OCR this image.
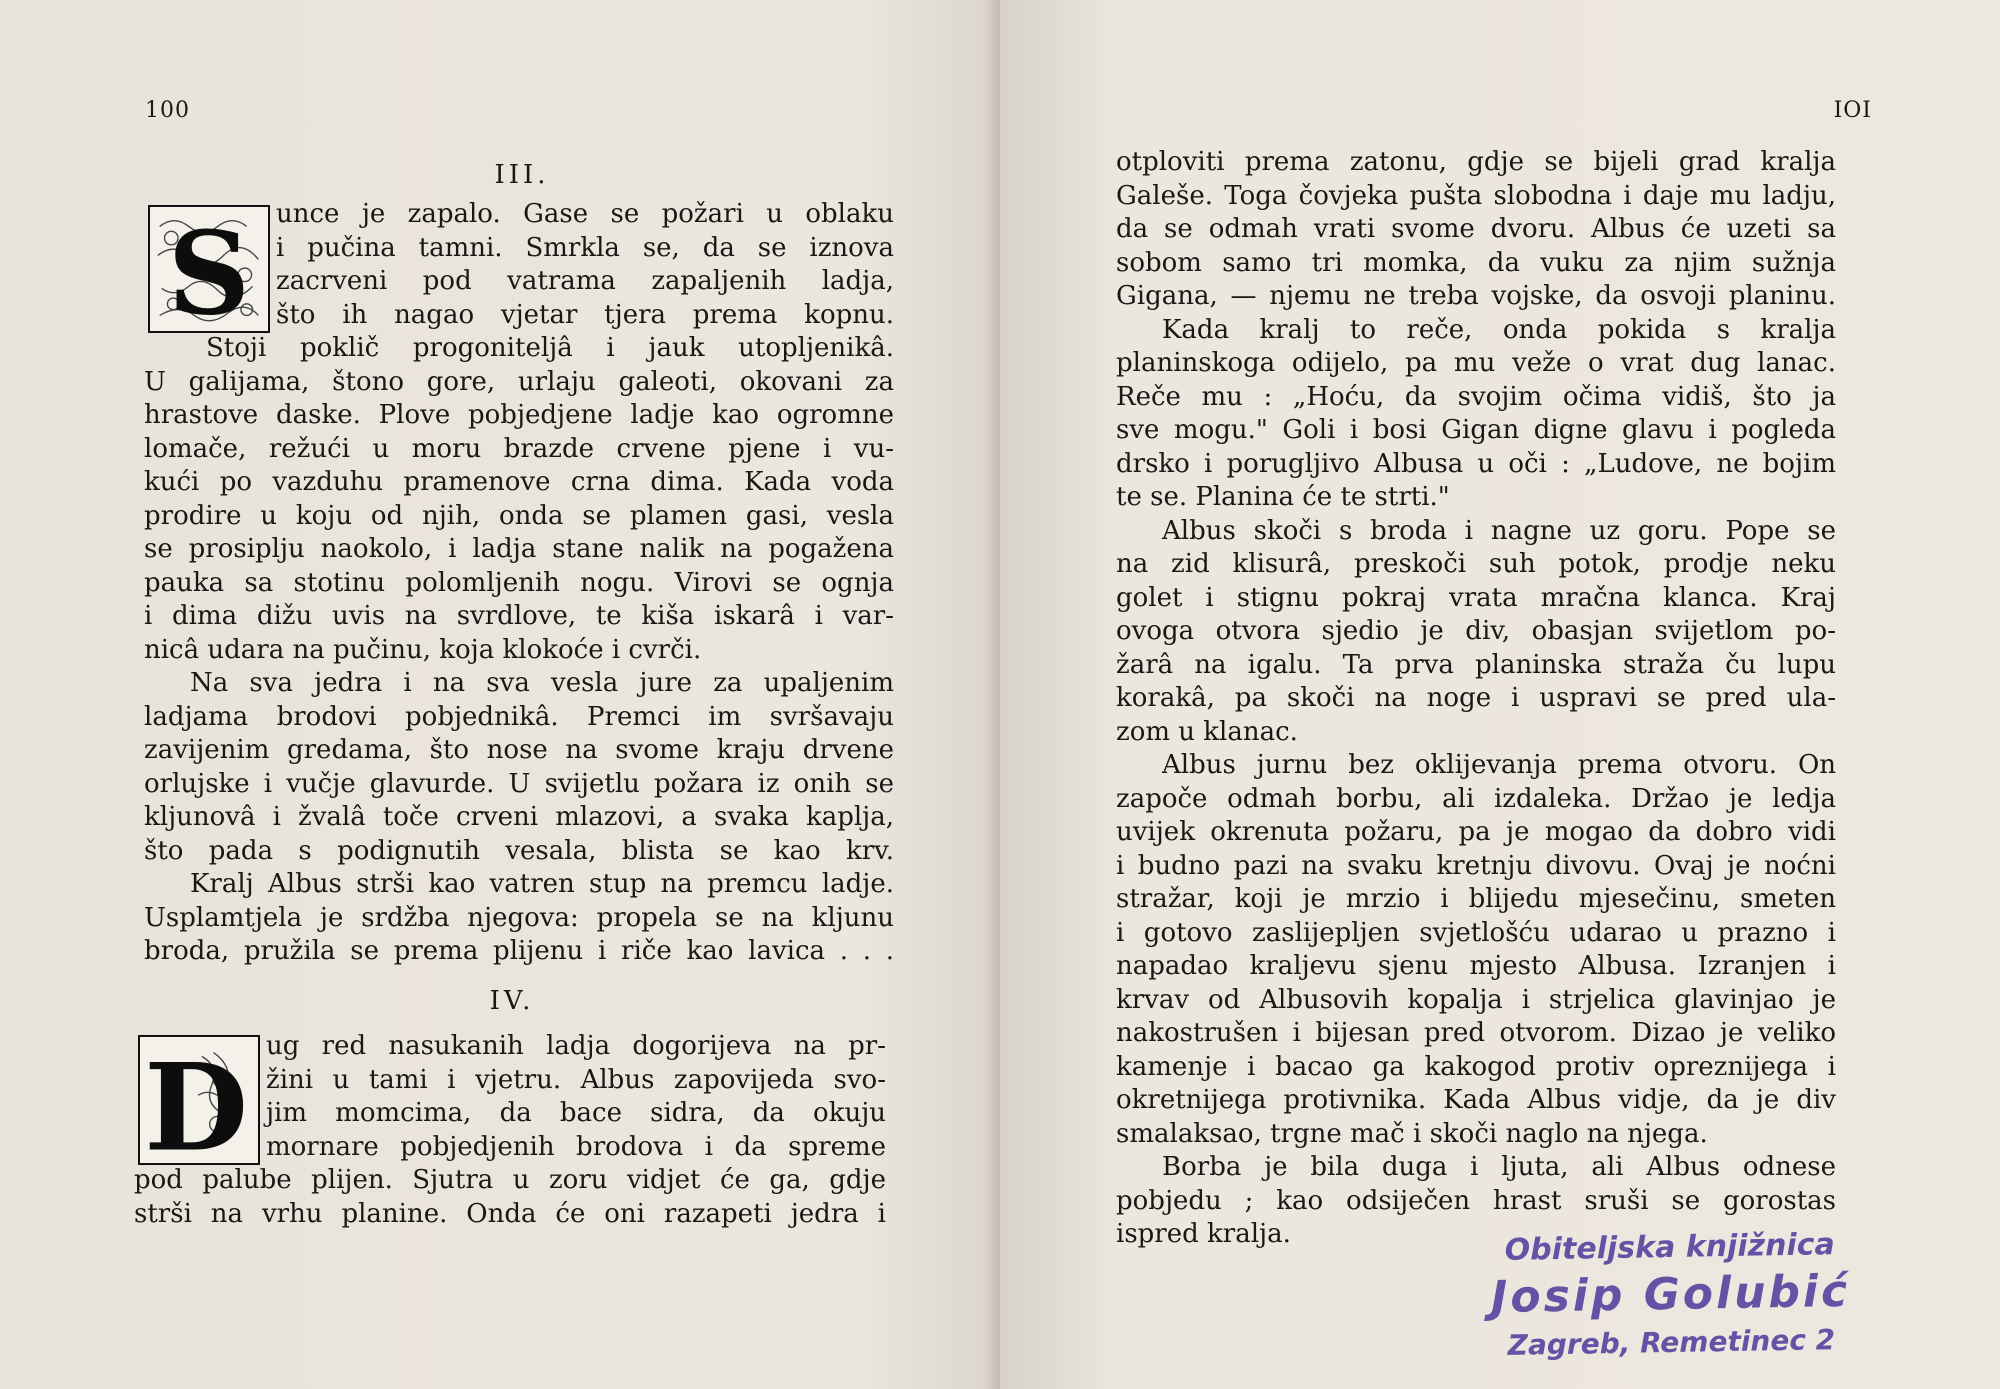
100
III.
S unce je zapalo. Gase se požari u oblaku
i pučina tamni. Smrkla se, da se iznova
zacrveni pod vatrama zapaljenih ladja,
što ih nagao vjetar tjera prema kopnu.
Stoji poklič progoniteljâ i jauk utopljenikâ.
U galijama, štono gore, urlaju galeoti, okovani za
hrastove daske. Plove pobjedjene ladje kao ogromne
lomače, režući u moru brazde crvene pjene i vu-
kući po vazduhu pramenove crna dima. Kada voda
prodire u koju od njih, onda se plamen gasi, vesla
se prosiplju naokolo, i ladja stane nalik na pogažena
pauka sa stotinu polomljenih nogu. Virovi se ognja
i dima dižu uvis na svrdlove, te kiša iskarâ i var-
nicâ udara na pučinu, koja klokoće i cvrči.
Na sva jedra i na sva vesla jure za upaljenim
ladjama brodovi pobjednikâ. Premci im svršavaju
zavijenim gredama, što nose na svome kraju drvene
orlujske i vučje glavurde. U svijetlu požara iz onih se
kljunovâ i žvalâ toče crveni mlazovi, a svaka kaplja,
što pada s podignutih vesala, blista se kao krv.
Kralj Albus strši kao vatren stup na premcu ladje.
Usplamtjela je srdžba njegova: propela se na kljunu
broda, pružila se prema plijenu i riče kao lavica . . .
IV.
D ug red nasukanih ladja dogorijeva na pr-
žini u tami i vjetru. Albus zapovijeda svo-
jim momcima, da bace sidra, da okuju
mornare pobjedjenih brodova i da spreme
pod palube plijen. Sjutra u zoru vidjet će ga, gdje
strši na vrhu planine. Onda će oni razapeti jedra i
IOI
otploviti prema zatonu, gdje se bijeli grad kralja
Galeše. Toga čovjeka pušta slobodna i daje mu ladju,
da se odmah vrati svome dvoru. Albus će uzeti sa
sobom samo tri momka, da vuku za njim sužnja
Gigana, — njemu ne treba vojske, da osvoji planinu.
Kada kralj to reče, onda pokida s kralja
planinskoga odijelo, pa mu veže o vrat dug lanac.
Reče mu : „Hoću, da svojim očima vidiš, što ja
sve mogu." Goli i bosi Gigan digne glavu i pogleda
drsko i porugljivo Albusa u oči : „Ludove, ne bojim
te se. Planina će te strti."
Albus skoči s broda i nagne uz goru. Pope se
na zid klisurâ, preskoči suh potok, prodje neku
golet i stignu pokraj vrata mračna klanca. Kraj
ovoga otvora sjedio je div, obasjan svijetlom po-
žarâ na igalu. Ta prva planinska straža ču lupu
korakâ, pa skoči na noge i uspravi se pred ula-
zom u klanac.
Albus jurnu bez oklijevanja prema otvoru. On
započe odmah borbu, ali izdaleka. Držao je ledja
uvijek okrenuta požaru, pa je mogao da dobro vidi
i budno pazi na svaku kretnju divovu. Ovaj je noćni
stražar, koji je mrzio i blijedu mjesečinu, smeten
i gotovo zaslijepljen svjetlošću udarao u prazno i
napadao kraljevu sjenu mjesto Albusa. Izranjen i
krvav od Albusovih kopalja i strjelica glavinjao je
nakostrušen i bijesan pred otvorom. Dizao je veliko
kamenje i bacao ga kakogod protiv opreznijega i
okretnijega protivnika. Kada Albus vidje, da je div
smalaksao, trgne mač i skoči naglo na njega.
Borba je bila duga i ljuta, ali Albus odnese
pobjedu ; kao odsiječen hrast sruši se gorostas
ispred kralja.	Obiteljska knjižnica
Josip Golubić
Zagreb, Remetinec 2
